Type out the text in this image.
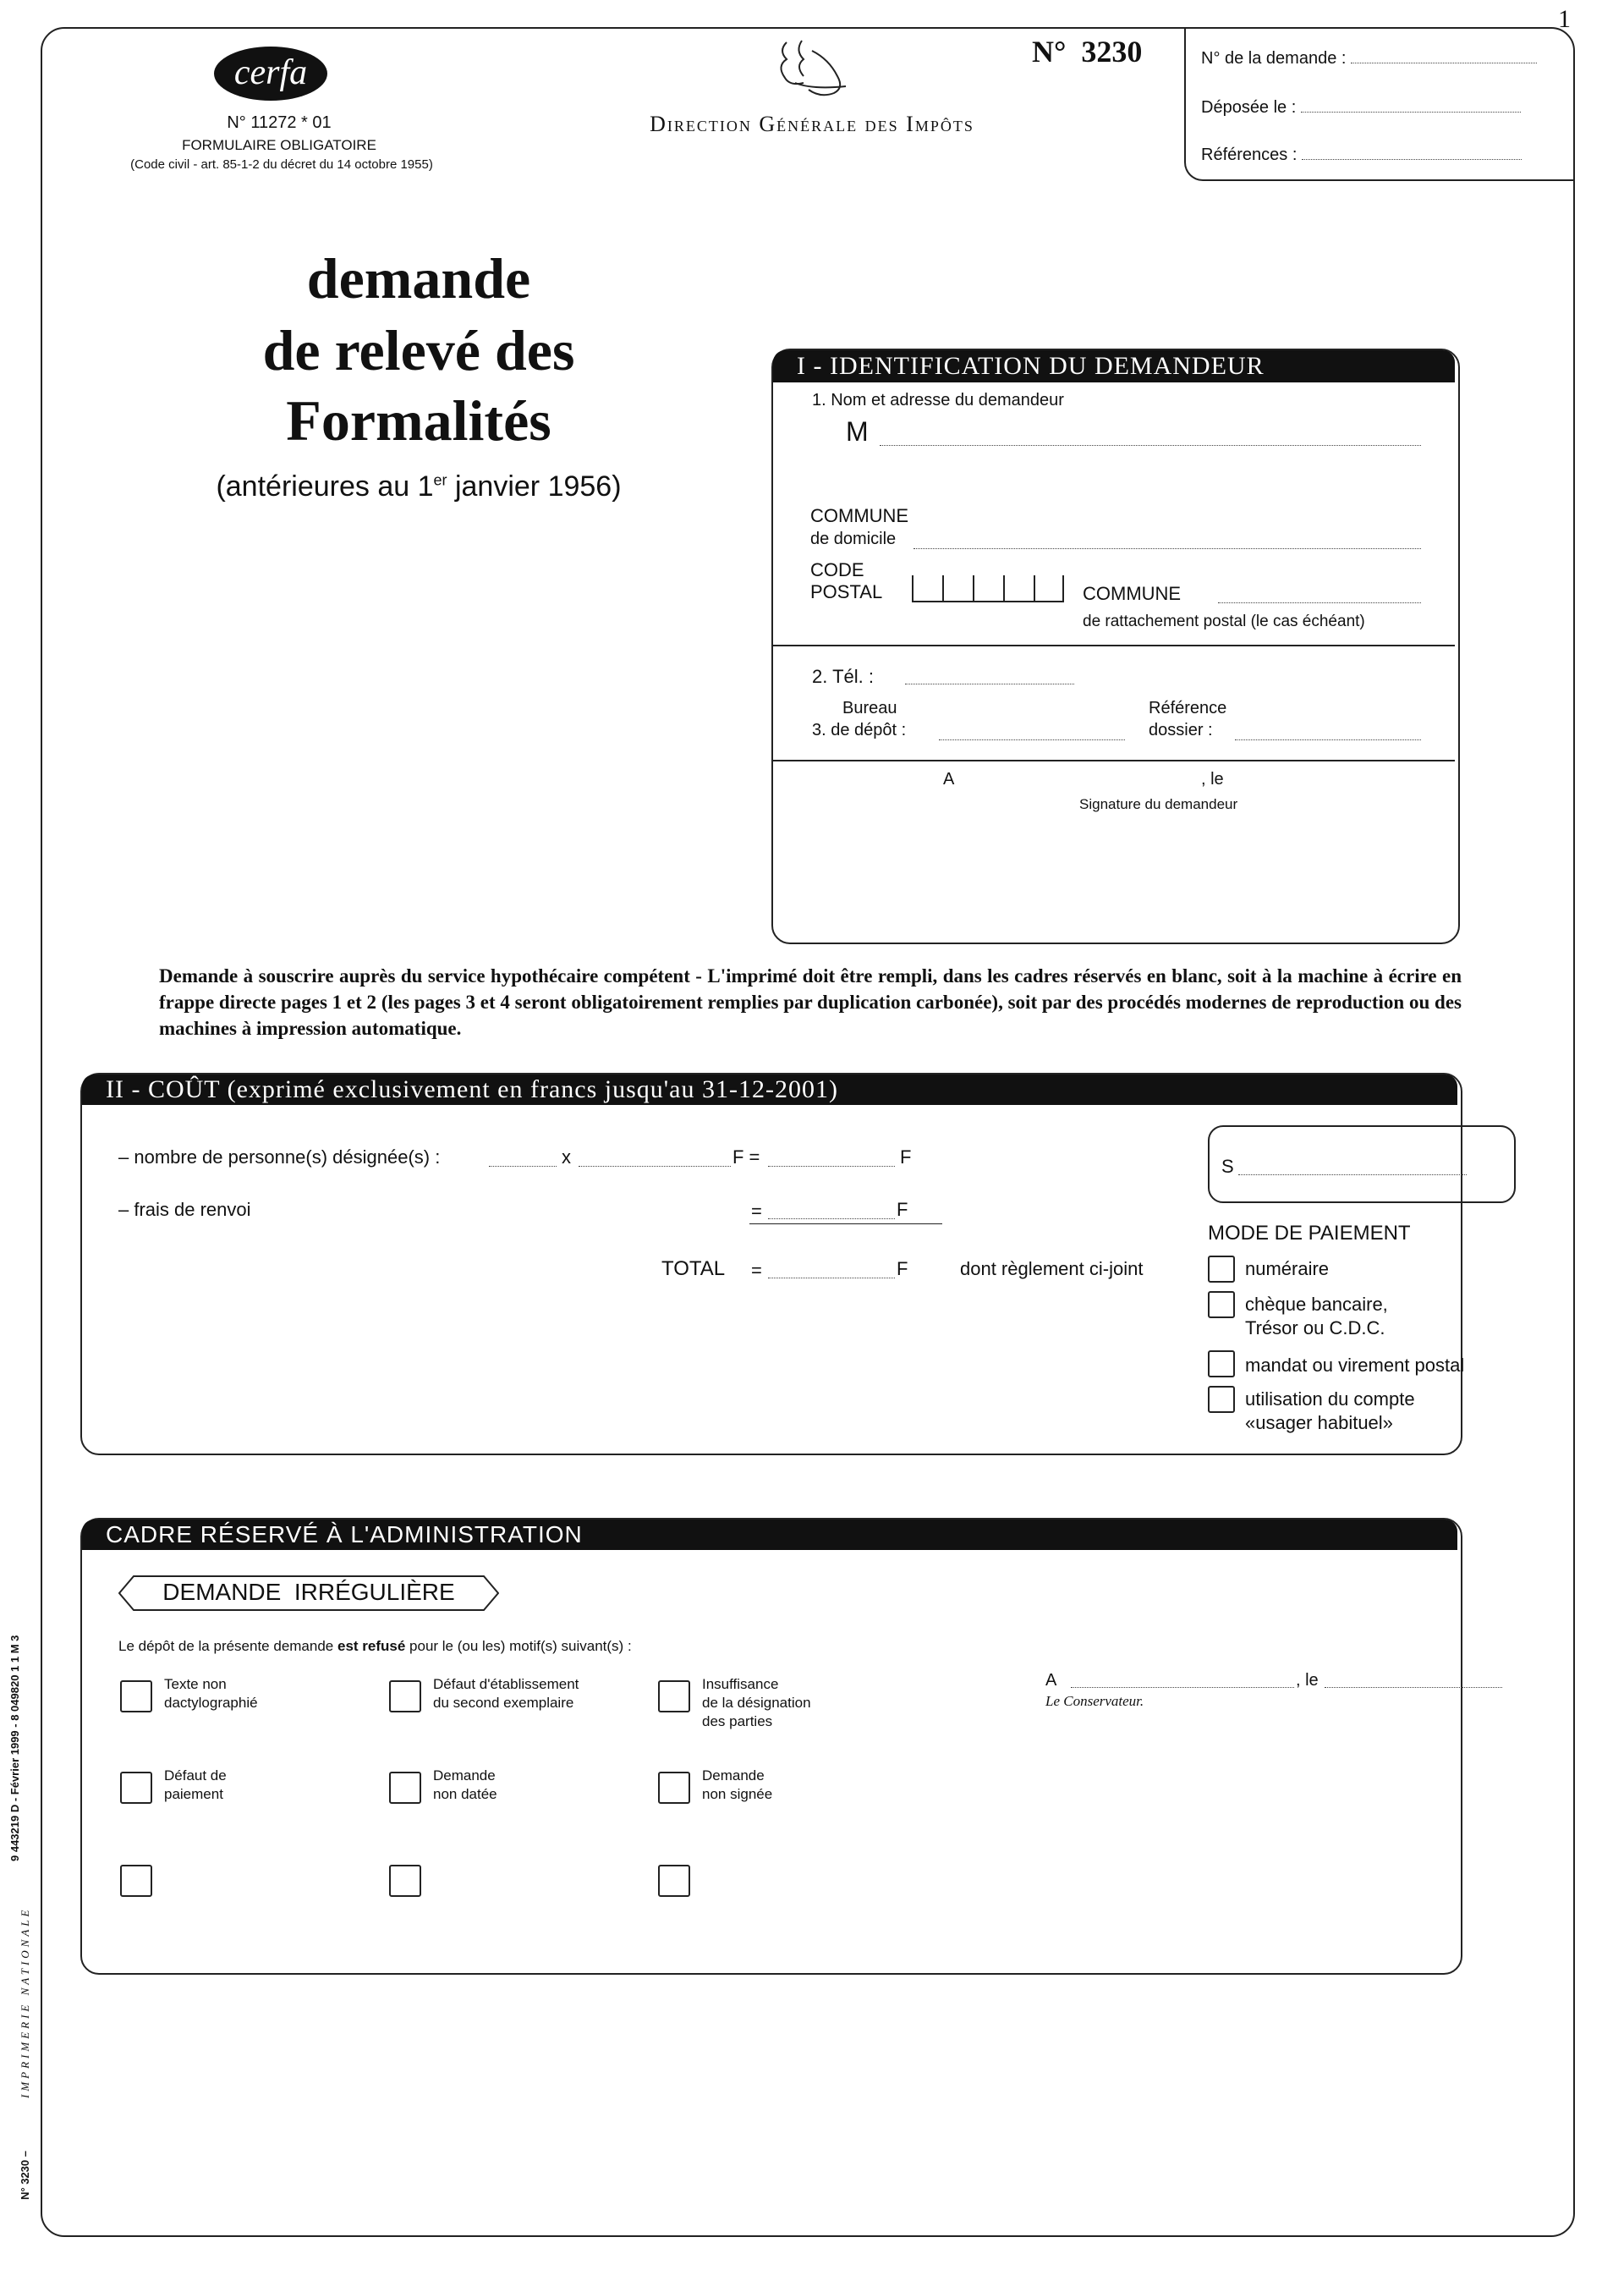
1
cerfa
N° 11272 * 01
FORMULAIRE OBLIGATOIRE
(Code civil - art. 85-1-2 du décret du 14 octobre 1955)
Direction Générale des Impôts
N°  3230	N° de la demande :
Déposée le :
Références :
demande
de relevé des
Formalités
(antérieures au 1er janvier 1956)
I - IDENTIFICATION DU DEMANDEUR
1. Nom et adresse du demandeur
M
COMMUNE
de domicile
CODE
POSTAL	COMMUNE
de rattachement postal (le cas échéant)
2. Tél. :
Bureau
3. de dépôt :
Référence
dossier :
A	, le
Signature du demandeur
Demande à souscrire auprès du service hypothécaire compétent - L'imprimé doit être rempli, dans les cadres réservés en blanc, soit à la machine à écrire en frappe directe pages 1 et 2 (les pages 3 et 4 seront obligatoirement remplies par duplication carbonée), soit par des procédés modernes de reproduction ou des machines à impression automatique.
II - COÛT (exprimé exclusivement en francs jusqu'au 31-12-2001)
– nombre de personne(s) désignée(s) :	x	F =	F
– frais de renvoi	=	F
TOTAL =	F	dont règlement ci-joint
S
MODE DE PAIEMENT
numéraire
chèque bancaire, Trésor ou C.D.C.
mandat ou virement postal
utilisation du compte «usager habituel»
CADRE RÉSERVÉ À L'ADMINISTRATION
DEMANDE  IRRÉGULIÈRE
Le dépôt de la présente demande est refusé pour le (ou les) motif(s) suivant(s) :
Texte non
dactylographié
Défaut d'établissement
du second exemplaire
Insuffisance
de la désignation
des parties
A	, le
Le Conservateur.
Défaut de
paiement
Demande
non datée
Demande
non signée
9 443219 D - Février 1999 - 8 049820 1 1 M 3
IMPRIMERIE NATIONALE
N° 3230 –
